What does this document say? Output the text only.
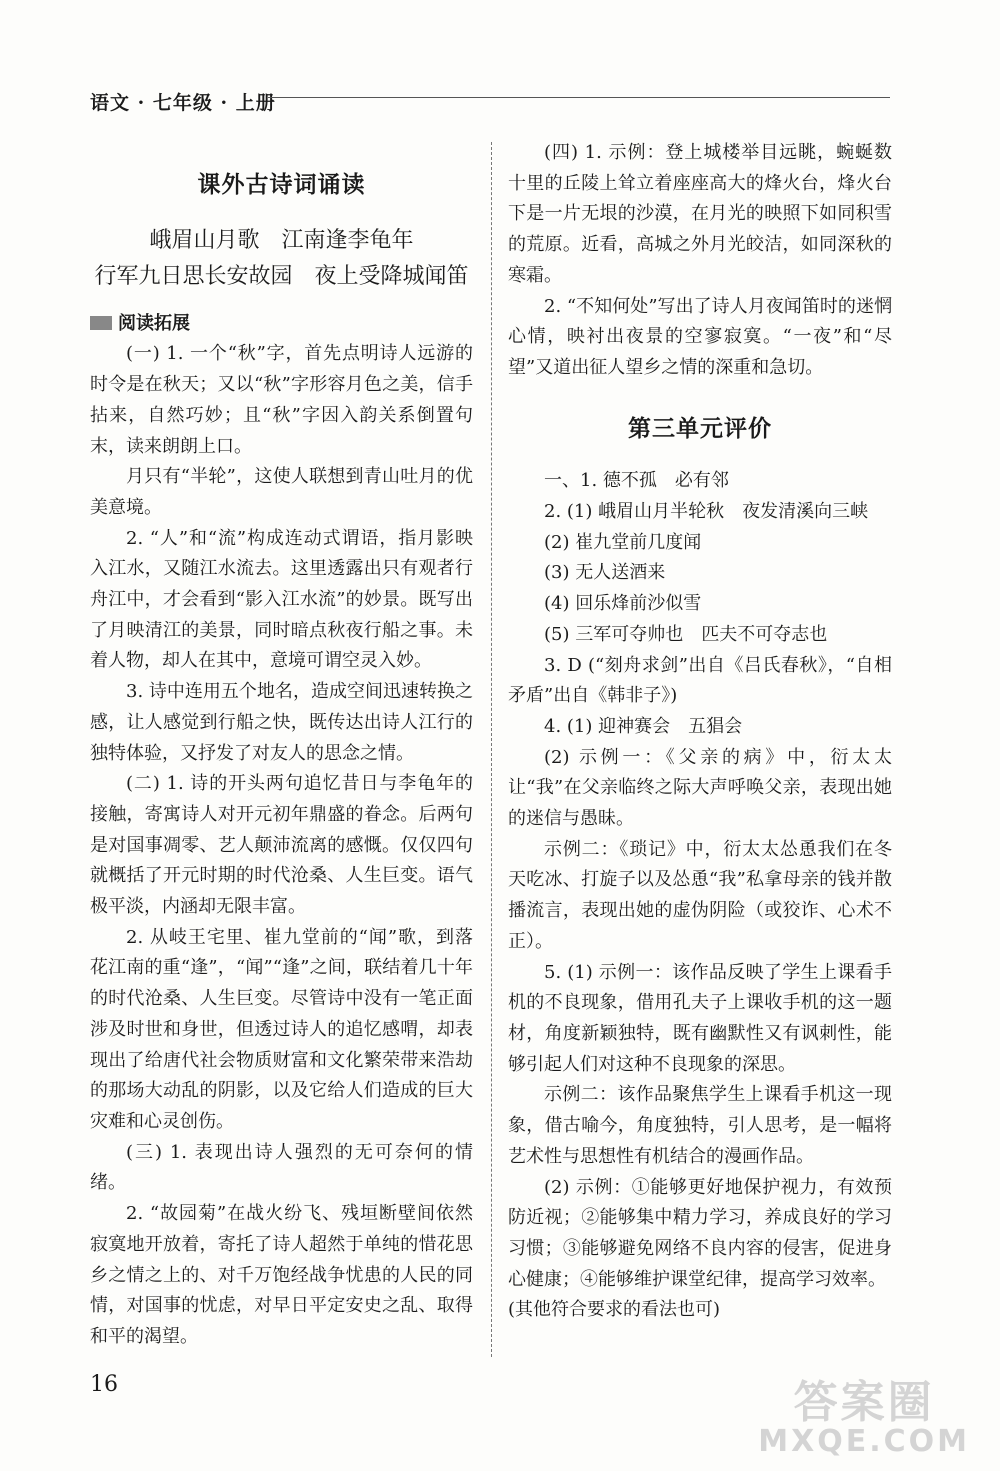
语文 · 七年级 · 上册
课外古诗词诵读
峨眉山月歌　江南逢李龟年
行军九日思长安故园　夜上受降城闻笛
阅读拓展

(一) 1. 一个“秋”字，首先点明诗人远游的时令是在秋天；又以“秋”字形容月色之美，信手拈来，自然巧妙；且“秋”字因入韵关系倒置句末，读来朗朗上口。

月只有“半轮”，这使人联想到青山吐月的优美意境。

2. “人”和“流”构成连动式谓语，指月影映入江水，又随江水流去。这里透露出只有观者行舟江中，才会看到“影入江水流”的妙景。既写出了月映清江的美景，同时暗点秋夜行船之事。未着人物，却人在其中，意境可谓空灵入妙。

3. 诗中连用五个地名，造成空间迅速转换之感，让人感觉到行船之快，既传达出诗人江行的独特体验，又抒发了对友人的思念之情。

(二) 1. 诗的开头两句追忆昔日与李龟年的接触，寄寓诗人对开元初年鼎盛的眷念。后两句是对国事凋零、艺人颠沛流离的感慨。仅仅四句就概括了开元时期的时代沧桑、人生巨变。语气极平淡，内涵却无限丰富。

2. 从岐王宅里、崔九堂前的“闻”歌，到落花江南的重“逢”，“闻”“逢”之间，联结着几十年的时代沧桑、人生巨变。尽管诗中没有一笔正面涉及时世和身世，但透过诗人的追忆感喟，却表现出了给唐代社会物质财富和文化繁荣带来浩劫的那场大动乱的阴影，以及它给人们造成的巨大灾难和心灵创伤。

(三) 1. 表现出诗人强烈的无可奈何的情绪。

2. “故园菊”在战火纷飞、残垣断壁间依然寂寞地开放着，寄托了诗人超然于单纯的惜花思乡之情之上的、对千万饱经战争忧患的人民的同情，对国事的忧虑，对早日平定安史之乱、取得和平的渴望。

(四) 1. 示例：登上城楼举目远眺，蜿蜒数十里的丘陵上耸立着座座高大的烽火台，烽火台下是一片无垠的沙漠，在月光的映照下如同积雪的荒原。近看，高城之外月光皎洁，如同深秋的寒霜。

2. “不知何处”写出了诗人月夜闻笛时的迷惘心情，映衬出夜景的空寥寂寞。“一夜”和“尽望”又道出征人望乡之情的深重和急切。

第三单元评价

一、1. 德不孤　必有邻

2. (1) 峨眉山月半轮秋　夜发清溪向三峡

(2) 崔九堂前几度闻

(3) 无人送酒来

(4) 回乐烽前沙似雪

(5) 三军可夺帅也　匹夫不可夺志也

3. D (“刻舟求剑”出自《吕氏春秋》，“自相矛盾”出自《韩非子》)

4. (1) 迎神赛会　五猖会

(2) 示例一：《父亲的病》中，衍太太让“我”在父亲临终之际大声呼唤父亲，表现出她的迷信与愚昧。

示例二：《琐记》中，衍太太怂恿我们在冬天吃冰、打旋子以及怂恿“我”私拿母亲的钱并散播流言，表现出她的虚伪阴险（或狡诈、心术不正）。

5. (1) 示例一：该作品反映了学生上课看手机的不良现象，借用孔夫子上课收手机的这一题材，角度新颖独特，既有幽默性又有讽刺性，能够引起人们对这种不良现象的深思。

示例二：该作品聚焦学生上课看手机这一现象，借古喻今，角度独特，引人思考，是一幅将艺术性与思想性有机结合的漫画作品。

(2) 示例：①能够更好地保护视力，有效预防近视；②能够集中精力学习，养成良好的学习习惯；③能够避免网络不良内容的侵害，促进身心健康；④能够维护课堂纪律，提高学习效率。

(其他符合要求的看法也可)

16	答案圈
MXQE.COM
